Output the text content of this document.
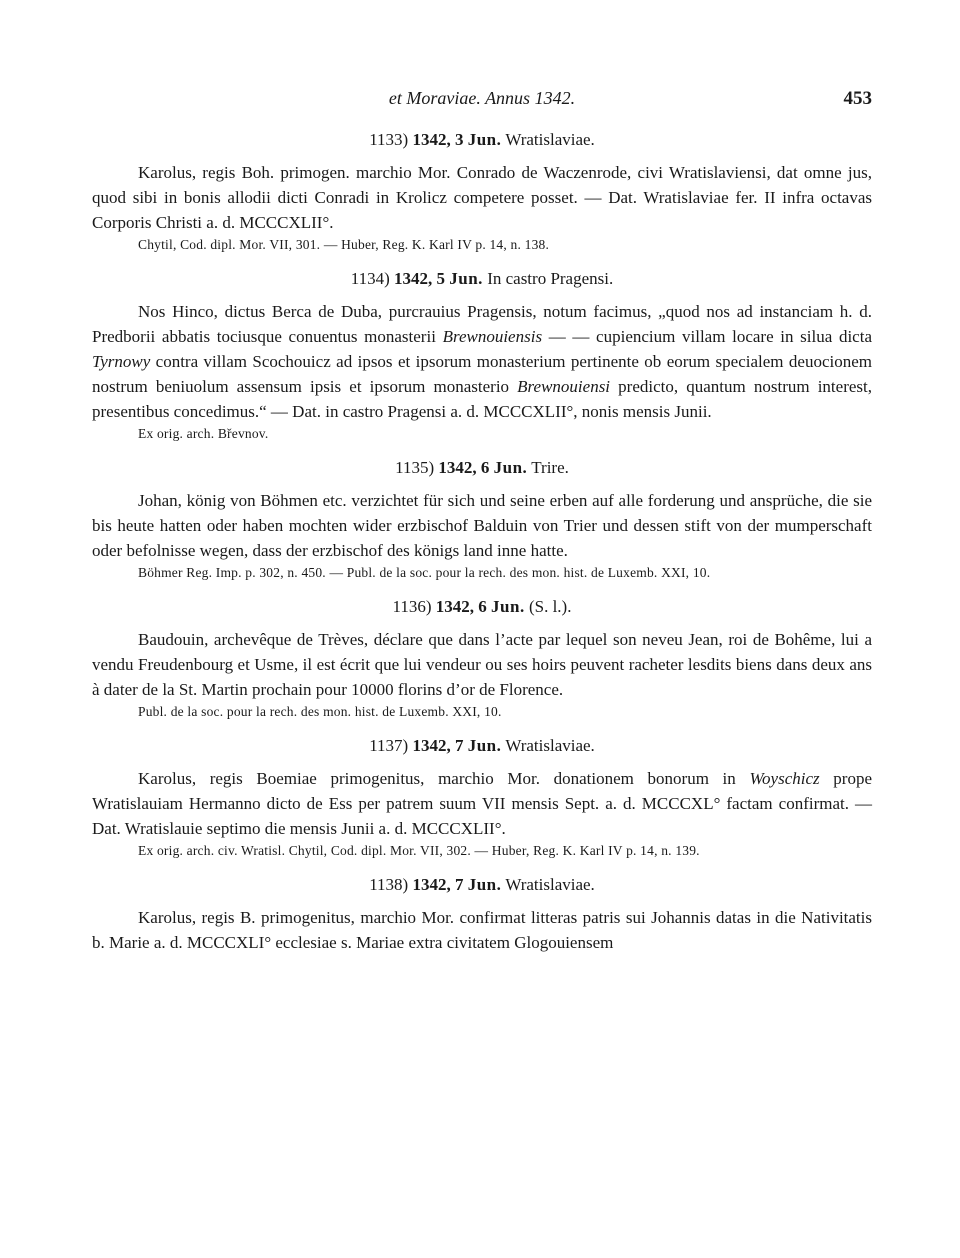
et Moraviae. Annus 1342.	453
1133) 1342, 3 Jun. Wratislaviae.

Karolus, regis Boh. primogen. marchio Mor. Conrado de Waczenrode, civi Wratislaviensi, dat omne jus, quod sibi in bonis allodii dicti Conradi in Krolicz competere posset. — Dat. Wratislaviae fer. II infra octavas Corporis Christi a. d. MCCCXLII°.

Chytil, Cod. dipl. Mor. VII, 301. — Huber, Reg. K. Karl IV p. 14, n. 138.

1134) 1342, 5 Jun. In castro Pragensi.

Nos Hinco, dictus Berca de Duba, purcrauius Pragensis, notum facimus, „quod nos ad instanciam h. d. Predborii abbatis tociusque conuentus monasterii Brewnouiensis — — cupiencium villam locare in silua dicta Tyrnowy contra villam Scochouicz ad ipsos et ipsorum monasterium pertinente ob eorum specialem deuocionem nostrum beniuolum assensum ipsis et ipsorum monasterio Brewnouiensi predicto, quantum nostrum interest, presentibus concedimus.“ — Dat. in castro Pragensi a. d. MCCCXLII°, nonis mensis Junii.

Ex orig. arch. Břevnov.

1135) 1342, 6 Jun. Trire.

Johan, könig von Böhmen etc. verzichtet für sich und seine erben auf alle forderung und ansprüche, die sie bis heute hatten oder haben mochten wider erzbischof Balduin von Trier und dessen stift von der mumperschaft oder befolnisse wegen, dass der erzbischof des königs land inne hatte.

Böhmer Reg. Imp. p. 302, n. 450. — Publ. de la soc. pour la rech. des mon. hist. de Luxemb. XXI, 10.

1136) 1342, 6 Jun. (S. l.).

Baudouin, archevêque de Trèves, déclare que dans l’acte par lequel son neveu Jean, roi de Bohême, lui a vendu Freudenbourg et Usme, il est écrit que lui vendeur ou ses hoirs peuvent racheter lesdits biens dans deux ans à dater de la St. Martin prochain pour 10000 florins d’or de Florence.

Publ. de la soc. pour la rech. des mon. hist. de Luxemb. XXI, 10.

1137) 1342, 7 Jun. Wratislaviae.

Karolus, regis Boemiae primogenitus, marchio Mor. donationem bonorum in Woyschicz prope Wratislauiam Hermanno dicto de Ess per patrem suum VII mensis Sept. a. d. MCCCXL° factam confirmat. — Dat. Wratislauie septimo die mensis Junii a. d. MCCCXLII°.

Ex orig. arch. civ. Wratisl. Chytil, Cod. dipl. Mor. VII, 302. — Huber, Reg. K. Karl IV p. 14, n. 139.

1138) 1342, 7 Jun. Wratislaviae.

Karolus, regis B. primogenitus, marchio Mor. confirmat litteras patris sui Johannis datas in die Nativitatis b. Marie a. d. MCCCXLI° ecclesiae s. Mariae extra civitatem Glogouiensem
